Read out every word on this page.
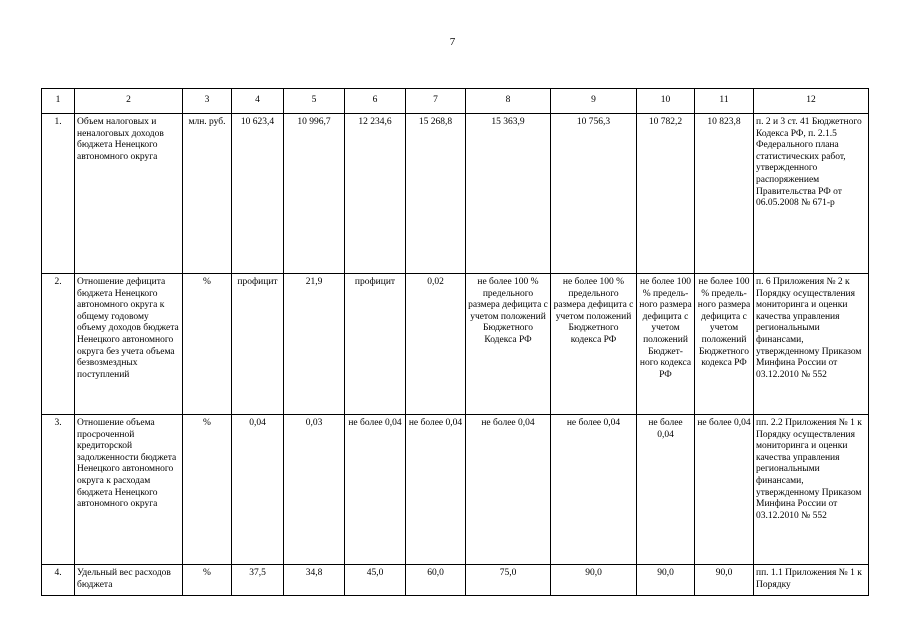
7
1	2	3	4	5	6	7	8	9	10	11	12
1.	Объем налоговых и неналоговых доходов бюджета Ненецкого автономного округа	млн. руб.	10 623,4	10 996,7	12 234,6	15 268,8	15 363,9	10 756,3	10 782,2	10 823,8	п. 2 и 3 ст. 41 Бюджетного Кодекса РФ, п. 2.1.5 Федерального плана статистических работ, утвержденного распоряжением Правительства РФ от 06.05.2008 № 671-р
2.	Отношение дефицита бюджета Ненецкого автономного округа к общему годовому объему доходов бюджета Ненецкого автономного округа без учета объема безвозмездных поступлений	%	профицит	21,9	профицит	0,02	не более 100 % предельного размера дефицита с учетом положений Бюджетного Кодекса РФ	не более 100 % предельного размера дефицита с учетом положений Бюджетного кодекса РФ	не более 100 % предель-ного размера дефицита с учетом положений Бюджет-ного кодекса РФ	не более 100 % предель-ного размера дефицита с учетом положений Бюджетного кодекса РФ	п. 6 Приложения № 2 к Порядку осуществления мониторинга и оценки качества управления региональными финансами, утвержденному Приказом Минфина России от 03.12.2010 № 552
3.	Отношение объема просроченной кредиторской задолженности бюджета Ненецкого автономного округа к расходам бюджета Ненецкого автономного округа	%	0,04	0,03	не более 0,04	не более 0,04	не более 0,04	не более 0,04	не более 0,04	не более 0,04	пп. 2.2 Приложения № 1 к Порядку осуществления мониторинга и оценки качества управления региональными финансами, утвержденному Приказом Минфина России от 03.12.2010 № 552
4.	Удельный вес расходов бюджета	%	37,5	34,8	45,0	60,0	75,0	90,0	90,0	90,0	пп. 1.1 Приложения № 1 к Порядку
